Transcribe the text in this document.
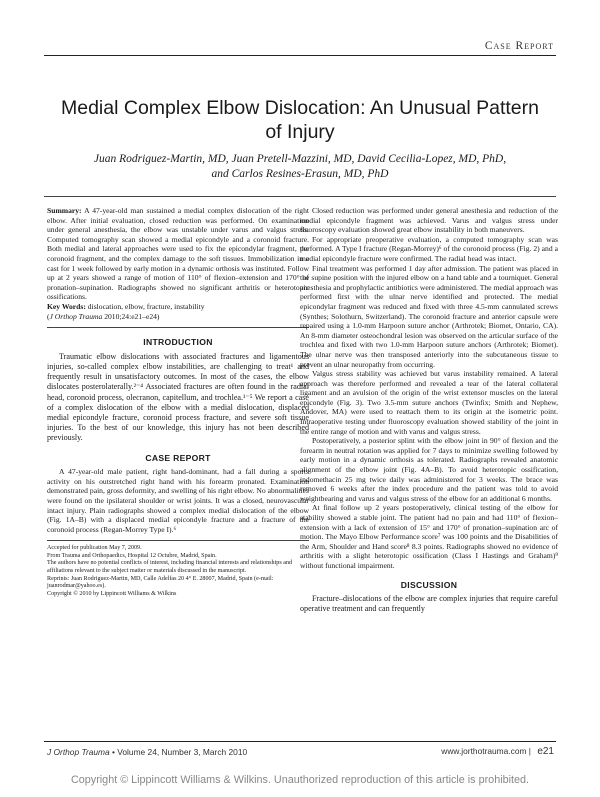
Case Report
Medial Complex Elbow Dislocation: An Unusual Pattern
of Injury
Juan Rodriguez-Martin, MD, Juan Pretell-Mazzini, MD, David Cecilia-Lopez, MD, PhD,
and Carlos Resines-Erasun, MD, PhD

Summary: A 47-year-old man sustained a medial complex dislocation of the right elbow. After initial evaluation, closed reduction was performed. On examination under general anesthesia, the elbow was unstable under varus and valgus stress. Computed tomography scan showed a medial epicondyle and a coronoid fracture. Both medial and lateral approaches were used to fix the epicondylar fragment, the coronoid fragment, and the complex damage to the soft tissues. Immobilization in a cast for 1 week followed by early motion in a dynamic orthosis was instituted. Follow up at 2 years showed a range of motion of 110° of flexion–extension and 170° of pronation–supination. Radiographs showed no significant arthritis or heterotopic ossifications.

Key Words: dislocation, elbow, fracture, instability

(J Orthop Trauma 2010;24:e21–e24)

INTRODUCTION

Traumatic elbow dislocations with associated fractures and ligamentous injuries, so-called complex elbow instabilities, are challenging to treat¹ and frequently result in unsatisfactory outcomes. In most of the cases, the elbow dislocates posterolaterally.²⁻⁴ Associated fractures are often found in the radial head, coronoid process, olecranon, capitellum, and trochlea.¹⁻⁵ We report a case of a complex dislocation of the elbow with a medial dislocation, displaced medial epicondyle fracture, coronoid process fracture, and severe soft tissue injuries. To the best of our knowledge, this injury has not been described previously.

CASE REPORT

A 47-year-old male patient, right hand-dominant, had a fall during a sports activity on his outstretched right hand with his forearm pronated. Examination demonstrated pain, gross deformity, and swelling of his right elbow. No abnormalities were found on the ipsilateral shoulder or wrist joints. It was a closed, neurovascular intact injury. Plain radiographs showed a complex medial dislocation of the elbow (Fig. 1A–B) with a displaced medial epicondyle fracture and a fracture of the coronoid process (Regan-Morrey Type I).⁶

Accepted for publication May 7, 2009.
From Trauma and Orthopaedics, Hospital 12 Octubre, Madrid, Spain.
The authors have no potential conflicts of interest, including financial interests and relationships and affiliations relevant to the subject matter or materials discussed in the manuscript.
Reprints: Juan Rodriguez-Martin, MD, Calle Adelfas 20 4° E. 28007, Madrid, Spain (e-mail: juanrodmar@yahoo.es).
Copyright © 2010 by Lippincott Williams & Wilkins

Closed reduction was performed under general anesthesia and reduction of the medial epicondyle fragment was achieved. Varus and valgus stress under fluoroscopy evaluation showed great elbow instability in both maneuvers.

For appropriate preoperative evaluation, a computed tomography scan was performed. A Type I fracture (Regan-Morrey)⁶ of the coronoid process (Fig. 2) and a medial epicondyle fracture were confirmed. The radial head was intact.

Final treatment was performed 1 day after admission. The patient was placed in the supine position with the injured elbow on a hand table and a tourniquet. General anesthesia and prophylactic antibiotics were administered. The medial approach was performed first with the ulnar nerve identified and protected. The medial epicondylar fragment was reduced and fixed with three 4.5-mm cannulated screws (Synthes; Solothurn, Switzerland). The coronoid fracture and anterior capsule were repaired using a 1.0-mm Harpoon suture anchor (Arthrotek; Biomet, Ontario, CA). An 8-mm diameter osteochondral lesion was observed on the articular surface of the trochlea and fixed with two 1.0-mm Harpoon suture anchors (Arthrotek; Biomet). The ulnar nerve was then transposed anteriorly into the subcutaneous tissue to prevent an ulnar neuropathy from occurring.

Valgus stress stability was achieved but varus instability remained. A lateral approach was therefore performed and revealed a tear of the lateral collateral ligament and an avulsion of the origin of the wrist extensor muscles on the lateral epicondyle (Fig. 3). Two 3.5-mm suture anchors (Twinfix; Smith and Nephew, Andover, MA) were used to reattach them to its origin at the isometric point. Intraoperative testing under fluoroscopy evaluation showed stability of the joint in the entire range of motion and with varus and valgus stress.

Postoperatively, a posterior splint with the elbow joint in 90° of flexion and the forearm in neutral rotation was applied for 7 days to minimize swelling followed by early motion in a dynamic orthosis as tolerated. Radiographs revealed anatomic alignment of the elbow joint (Fig. 4A–B). To avoid heterotopic ossification, indomethacin 25 mg twice daily was administered for 3 weeks. The brace was removed 6 weeks after the index procedure and the patient was told to avoid weightbearing and varus and valgus stress of the elbow for an additional 6 months.

At final follow up 2 years postoperatively, clinical testing of the elbow for stability showed a stable joint. The patient had no pain and had 110° of flexion–extension with a lack of extension of 15° and 170° of pronation–supination arc of motion. The Mayo Elbow Performance score⁷ was 100 points and the Disabilities of the Arm, Shoulder and Hand score⁸ 8.3 points. Radiographs showed no evidence of arthritis with a slight heterotopic ossification (Class I Hastings and Graham)⁹ without functional impairment.

DISCUSSION

Fracture–dislocations of the elbow are complex injuries that require careful operative treatment and can frequently

J Orthop Trauma • Volume 24, Number 3, March 2010	www.jorthotrauma.com | e21
Copyright © Lippincott Williams & Wilkins. Unauthorized reproduction of this article is prohibited.
